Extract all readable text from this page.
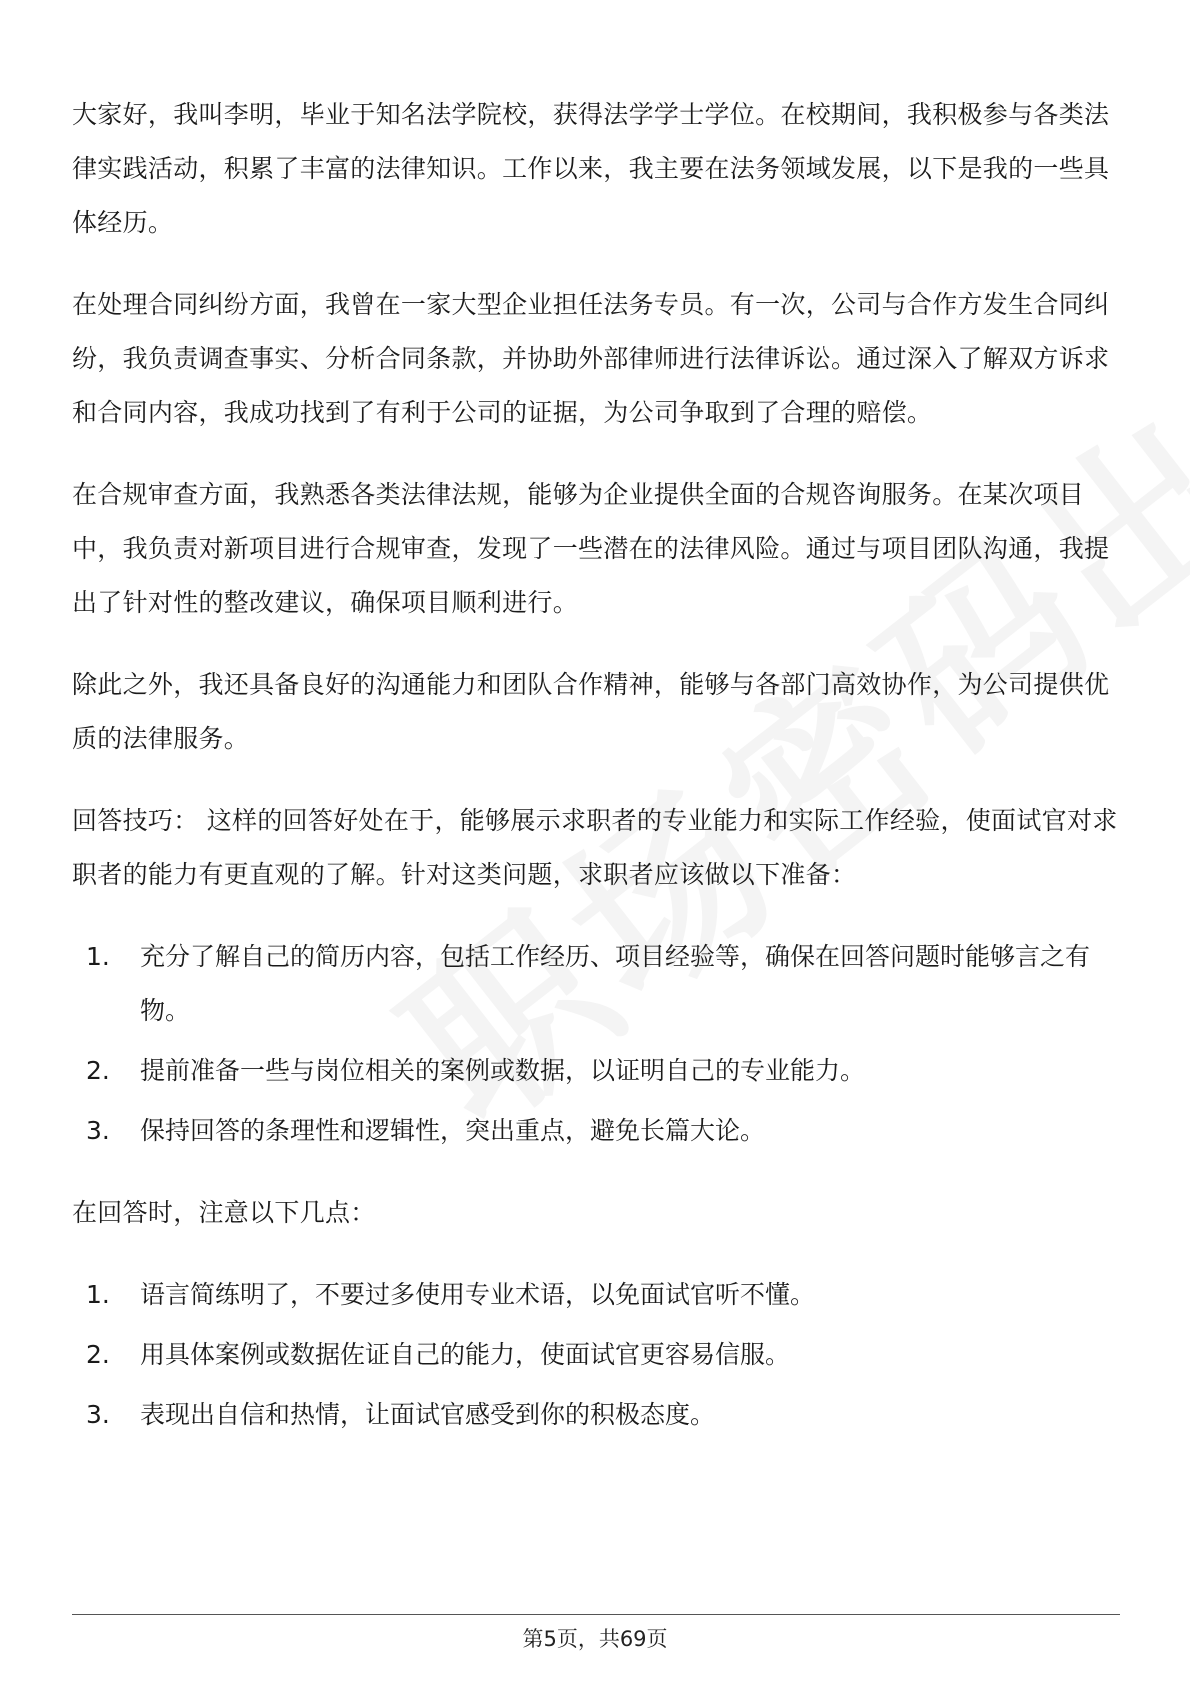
大家好，我叫李明，毕业于知名法学院校，获得法学学士学位。在校期间，我积极参与各类法律实践活动，积累了丰富的法律知识。工作以来，我主要在法务领域发展，以下是我的一些具体经历。

在处理合同纠纷方面，我曾在一家大型企业担任法务专员。有一次，公司与合作方发生合同纠纷，我负责调查事实、分析合同条款，并协助外部律师进行法律诉讼。通过深入了解双方诉求和合同内容，我成功找到了有利于公司的证据，为公司争取到了合理的赔偿。

在合规审查方面，我熟悉各类法律法规，能够为企业提供全面的合规咨询服务。在某次项目中，我负责对新项目进行合规审查，发现了一些潜在的法律风险。通过与项目团队沟通，我提出了针对性的整改建议，确保项目顺利进行。

除此之外，我还具备良好的沟通能力和团队合作精神，能够与各部门高效协作，为公司提供优质的法律服务。

回答技巧： 这样的回答好处在于，能够展示求职者的专业能力和实际工作经验，使面试官对求职者的能力有更直观的了解。针对这类问题，求职者应该做以下准备：

1.	充分了解自己的简历内容，包括工作经历、项目经验等，确保在回答问题时能够言之有物。
2.	提前准备一些与岗位相关的案例或数据，以证明自己的专业能力。
3.	保持回答的条理性和逻辑性，突出重点，避免长篇大论。

在回答时，注意以下几点：

1.	语言简练明了，不要过多使用专业术语，以免面试官听不懂。
2.	用具体案例或数据佐证自己的能力，使面试官更容易信服。
3.	表现出自信和热情，让面试官感受到你的积极态度。
第5页，共69页
